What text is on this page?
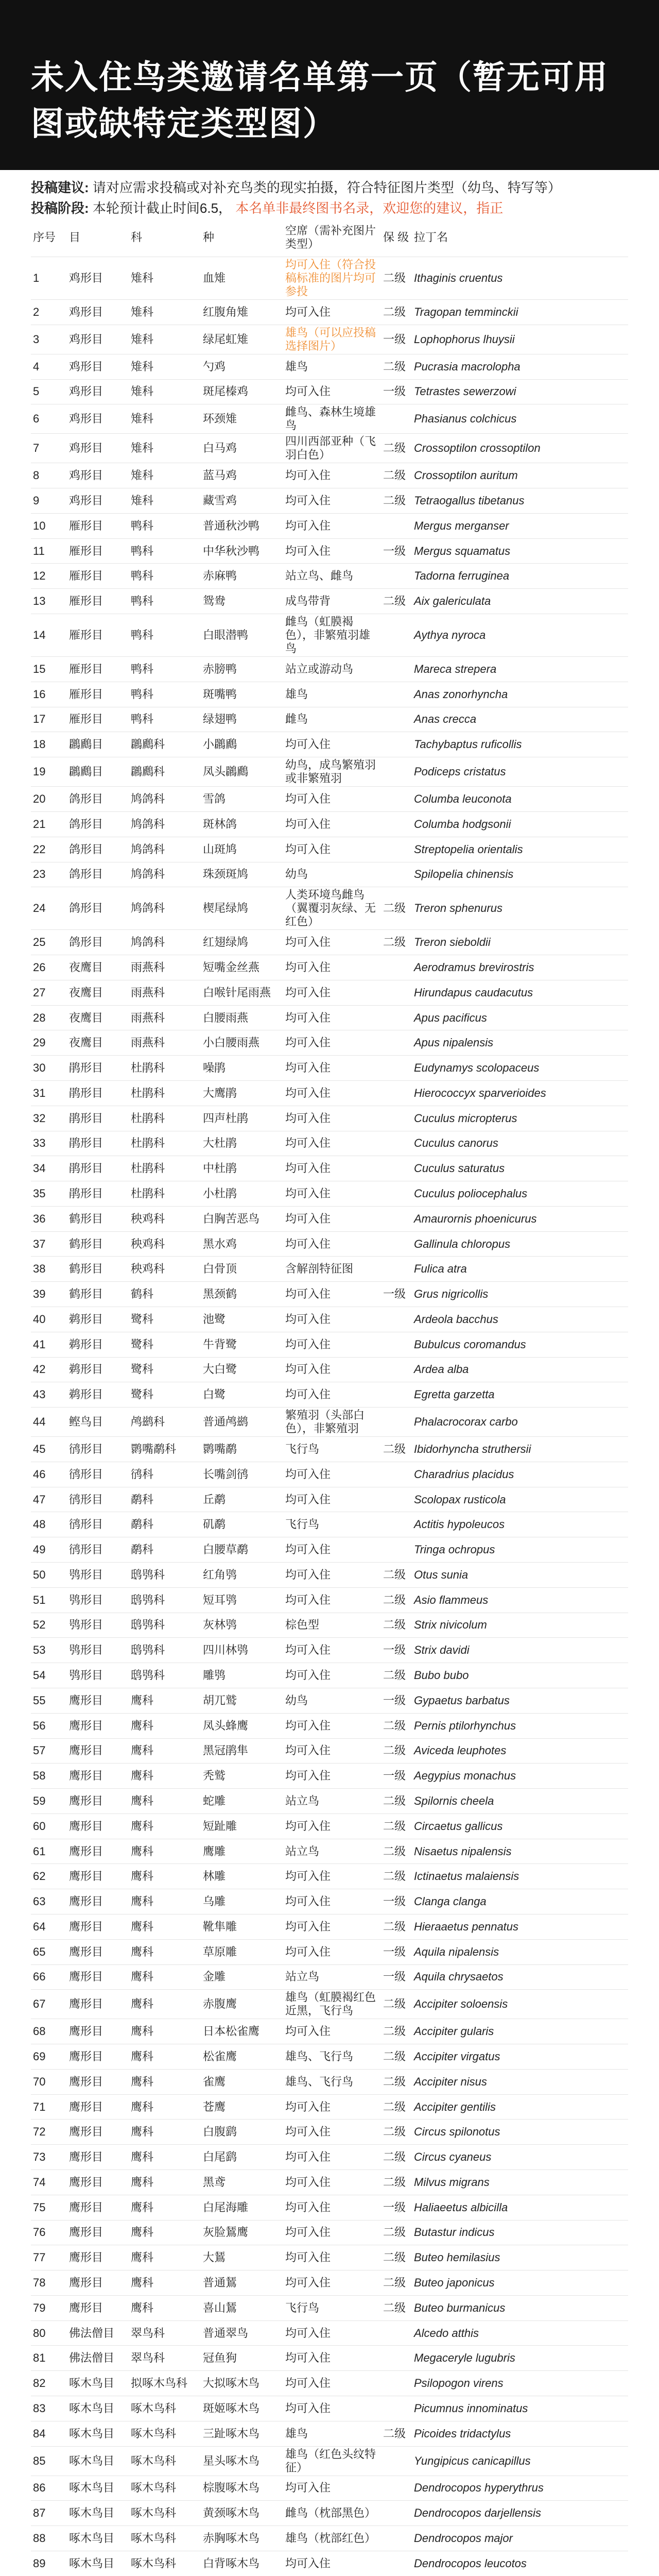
未入住鸟类邀请名单第一页（暂无可用图或缺特定类型图）
投稿建议: 请对应需求投稿或对补充鸟类的现实拍摄，符合特征图片类型（幼鸟、特写等）
投稿阶段: 本轮预计截止时间6.5， 本名单非最终图书名录，欢迎您的建议，指正
序号	目	科	种	空席（需补充图片类型）	保 级	拉丁名
1	鸡形目	雉科	血雉	均可入住（符合投稿标准的图片均可参投	二级	Ithaginis cruentus
2	鸡形目	雉科	红腹角雉	均可入住	二级	Tragopan temminckii
3	鸡形目	雉科	绿尾虹雉	雄鸟（可以应投稿选择图片）	一级	Lophophorus lhuysii
4	鸡形目	雉科	勺鸡	雄鸟	二级	Pucrasia macrolopha
5	鸡形目	雉科	斑尾榛鸡	均可入住	一级	Tetrastes sewerzowi
6	鸡形目	雉科	环颈雉	雌鸟、森林生境雄鸟		Phasianus colchicus
7	鸡形目	雉科	白马鸡	四川西部亚种（飞羽白色）	二级	Crossoptilon crossoptilon
8	鸡形目	雉科	蓝马鸡	均可入住	二级	Crossoptilon auritum
9	鸡形目	雉科	藏雪鸡	均可入住	二级	Tetraogallus tibetanus
10	雁形目	鸭科	普通秋沙鸭	均可入住		Mergus merganser
11	雁形目	鸭科	中华秋沙鸭	均可入住	一级	Mergus squamatus
12	雁形目	鸭科	赤麻鸭	站立鸟、雌鸟		Tadorna ferruginea
13	雁形目	鸭科	鸳鸯	成鸟带背	二级	Aix galericulata
14	雁形目	鸭科	白眼潜鸭	雌鸟（虹膜褐色），非繁殖羽雄鸟		Aythya nyroca
15	雁形目	鸭科	赤膀鸭	站立或游动鸟		Mareca strepera
16	雁形目	鸭科	斑嘴鸭	雄鸟		Anas zonorhyncha
17	雁形目	鸭科	绿翅鸭	雌鸟		Anas crecca
18	鸊鷉目	鸊鷉科	小鸊鷉	均可入住		Tachybaptus ruficollis
19	鸊鷉目	鸊鷉科	凤头鸊鷉	幼鸟，成鸟繁殖羽或非繁殖羽		Podiceps cristatus
20	鸽形目	鸠鸽科	雪鸽	均可入住		Columba leuconota
21	鸽形目	鸠鸽科	斑林鸽	均可入住		Columba hodgsonii
22	鸽形目	鸠鸽科	山斑鸠	均可入住		Streptopelia orientalis
23	鸽形目	鸠鸽科	珠颈斑鸠	幼鸟		Spilopelia chinensis
24	鸽形目	鸠鸽科	楔尾绿鸠	人类环境鸟雌鸟（翼覆羽灰绿、无红色）	二级	Treron sphenurus
25	鸽形目	鸠鸽科	红翅绿鸠	均可入住	二级	Treron sieboldii
26	夜鹰目	雨燕科	短嘴金丝燕	均可入住		Aerodramus brevirostris
27	夜鹰目	雨燕科	白喉针尾雨燕	均可入住		Hirundapus caudacutus
28	夜鹰目	雨燕科	白腰雨燕	均可入住		Apus pacificus
29	夜鹰目	雨燕科	小白腰雨燕	均可入住		Apus nipalensis
30	鹃形目	杜鹃科	噪鹃	均可入住		Eudynamys scolopaceus
31	鹃形目	杜鹃科	大鹰鹃	均可入住		Hierococcyx sparverioides
32	鹃形目	杜鹃科	四声杜鹃	均可入住		Cuculus micropterus
33	鹃形目	杜鹃科	大杜鹃	均可入住		Cuculus canorus
34	鹃形目	杜鹃科	中杜鹃	均可入住		Cuculus saturatus
35	鹃形目	杜鹃科	小杜鹃	均可入住		Cuculus poliocephalus
36	鹤形目	秧鸡科	白胸苦恶鸟	均可入住		Amaurornis phoenicurus
37	鹤形目	秧鸡科	黑水鸡	均可入住		Gallinula chloropus
38	鹤形目	秧鸡科	白骨顶	含解剖特征图		Fulica atra
39	鹤形目	鹤科	黑颈鹤	均可入住	一级	Grus nigricollis
40	鹈形目	鹭科	池鹭	均可入住		Ardeola bacchus
41	鹈形目	鹭科	牛背鹭	均可入住		Bubulcus coromandus
42	鹈形目	鹭科	大白鹭	均可入住		Ardea alba
43	鹈形目	鹭科	白鹭	均可入住		Egretta garzetta
44	鲣鸟目	鸬鹚科	普通鸬鹚	繁殖羽（头部白色），非繁殖羽		Phalacrocorax carbo
45	鸻形目	鹮嘴鹬科	鹮嘴鹬	飞行鸟	二级	Ibidorhyncha struthersii
46	鸻形目	鸻科	长嘴剑鸻	均可入住		Charadrius placidus
47	鸻形目	鹬科	丘鹬	均可入住		Scolopax rusticola
48	鸻形目	鹬科	矶鹬	飞行鸟		Actitis hypoleucos
49	鸻形目	鹬科	白腰草鹬	均可入住		Tringa ochropus
50	鸮形目	鸱鸮科	红角鸮	均可入住	二级	Otus sunia
51	鸮形目	鸱鸮科	短耳鸮	均可入住	二级	Asio flammeus
52	鸮形目	鸱鸮科	灰林鸮	棕色型	二级	Strix nivicolum
53	鸮形目	鸱鸮科	四川林鸮	均可入住	一级	Strix davidi
54	鸮形目	鸱鸮科	雕鸮	均可入住	二级	Bubo bubo
55	鹰形目	鹰科	胡兀鹫	幼鸟	一级	Gypaetus barbatus
56	鹰形目	鹰科	凤头蜂鹰	均可入住	二级	Pernis ptilorhynchus
57	鹰形目	鹰科	黑冠鹃隼	均可入住	二级	Aviceda leuphotes
58	鹰形目	鹰科	秃鹫	均可入住	一级	Aegypius monachus
59	鹰形目	鹰科	蛇雕	站立鸟	二级	Spilornis cheela
60	鹰形目	鹰科	短趾雕	均可入住	二级	Circaetus gallicus
61	鹰形目	鹰科	鹰雕	站立鸟	二级	Nisaetus nipalensis
62	鹰形目	鹰科	林雕	均可入住	二级	Ictinaetus malaiensis
63	鹰形目	鹰科	乌雕	均可入住	一级	Clanga clanga
64	鹰形目	鹰科	靴隼雕	均可入住	二级	Hieraaetus pennatus
65	鹰形目	鹰科	草原雕	均可入住	一级	Aquila nipalensis
66	鹰形目	鹰科	金雕	站立鸟	一级	Aquila chrysaetos
67	鹰形目	鹰科	赤腹鹰	雄鸟（虹膜褐红色近黑，飞行鸟	二级	Accipiter soloensis
68	鹰形目	鹰科	日本松雀鹰	均可入住	二级	Accipiter gularis
69	鹰形目	鹰科	松雀鹰	雄鸟、飞行鸟	二级	Accipiter virgatus
70	鹰形目	鹰科	雀鹰	雄鸟、飞行鸟	二级	Accipiter nisus
71	鹰形目	鹰科	苍鹰	均可入住	二级	Accipiter gentilis
72	鹰形目	鹰科	白腹鹞	均可入住	二级	Circus spilonotus
73	鹰形目	鹰科	白尾鹞	均可入住	二级	Circus cyaneus
74	鹰形目	鹰科	黑鸢	均可入住	二级	Milvus migrans
75	鹰形目	鹰科	白尾海雕	均可入住	一级	Haliaeetus albicilla
76	鹰形目	鹰科	灰脸鵟鹰	均可入住	二级	Butastur indicus
77	鹰形目	鹰科	大鵟	均可入住	二级	Buteo hemilasius
78	鹰形目	鹰科	普通鵟	均可入住	二级	Buteo japonicus
79	鹰形目	鹰科	喜山鵟	飞行鸟	二级	Buteo burmanicus
80	佛法僧目	翠鸟科	普通翠鸟	均可入住		Alcedo atthis
81	佛法僧目	翠鸟科	冠鱼狗	均可入住		Megaceryle lugubris
82	啄木鸟目	拟啄木鸟科	大拟啄木鸟	均可入住		Psilopogon virens
83	啄木鸟目	啄木鸟科	斑姬啄木鸟	均可入住		Picumnus innominatus
84	啄木鸟目	啄木鸟科	三趾啄木鸟	雄鸟	二级	Picoides tridactylus
85	啄木鸟目	啄木鸟科	星头啄木鸟	雄鸟（红色头纹特征）		Yungipicus canicapillus
86	啄木鸟目	啄木鸟科	棕腹啄木鸟	均可入住		Dendrocopos hyperythrus
87	啄木鸟目	啄木鸟科	黄颈啄木鸟	雌鸟（枕部黑色）		Dendrocopos darjellensis
88	啄木鸟目	啄木鸟科	赤胸啄木鸟	雄鸟（枕部红色）		Dendrocopos major
89	啄木鸟目	啄木鸟科	白背啄木鸟	均可入住		Dendrocopos leucotos
